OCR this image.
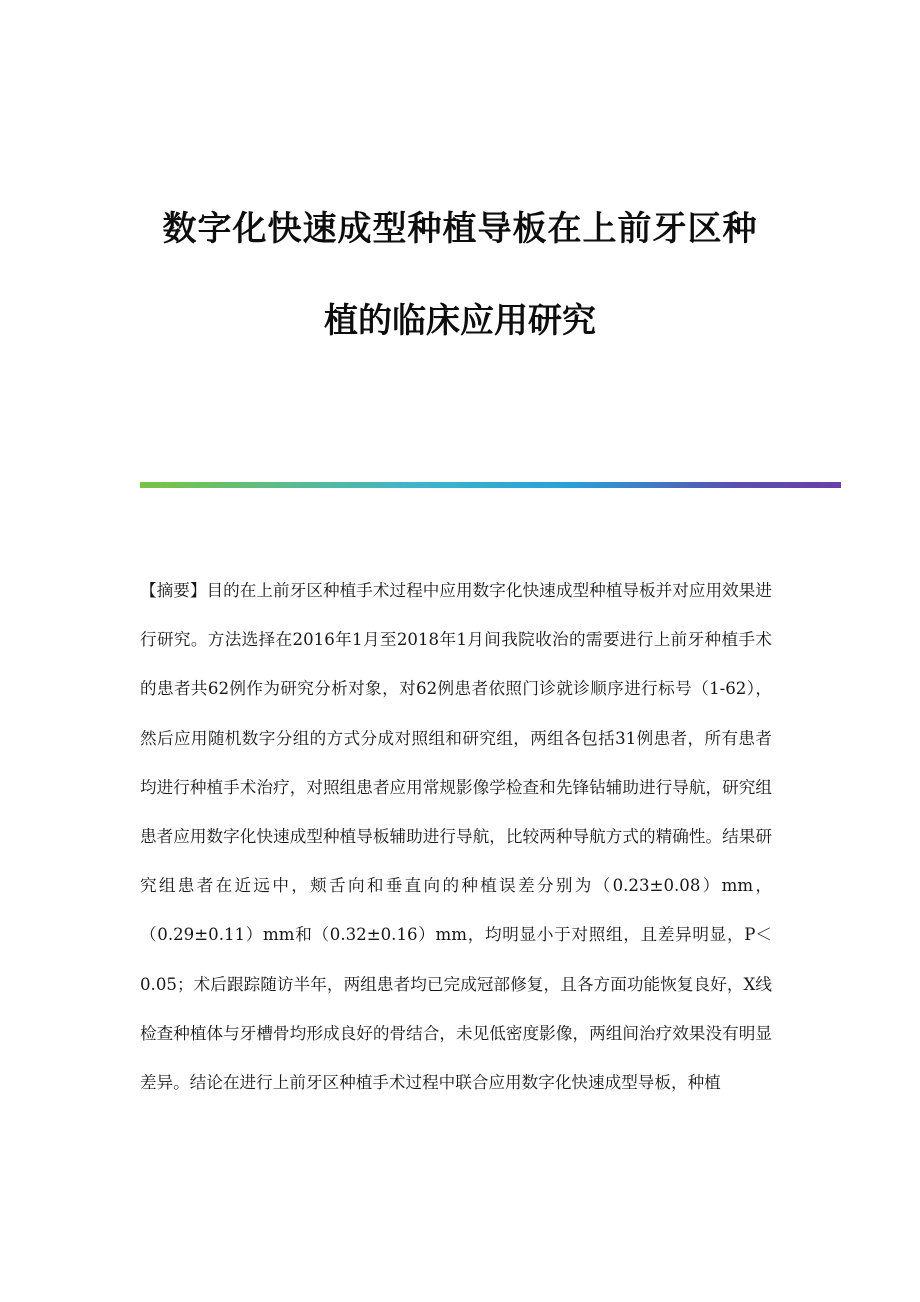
数字化快速成型种植导板在上前牙区种
植的临床应用研究
【摘要】目的在上前牙区种植手术过程中应用数字化快速成型种植导板并对应用效果进行研究。方法选择在2016年1月至2018年1月间我院收治的需要进行上前牙种植手术的患者共62例作为研究分析对象，对62例患者依照门诊就诊顺序进行标号（1-62），然后应用随机数字分组的方式分成对照组和研究组，两组各包括31例患者，所有患者均进行种植手术治疗，对照组患者应用常规影像学检查和先锋钻辅助进行导航，研究组患者应用数字化快速成型种植导板辅助进行导航，比较两种导航方式的精确性。结果研究组患者在近远中，颊舌向和垂直向的种植误差分别为（0.23±0.08）mm，（0.29±0.11）mm和（0.32±0.16）mm，均明显小于对照组，且差异明显，P＜0.05；术后跟踪随访半年，两组患者均已完成冠部修复，且各方面功能恢复良好，X线检查种植体与牙槽骨均形成良好的骨结合，未见低密度影像，两组间治疗效果没有明显差异。结论在进行上前牙区种植手术过程中联合应用数字化快速成型导板，种植
